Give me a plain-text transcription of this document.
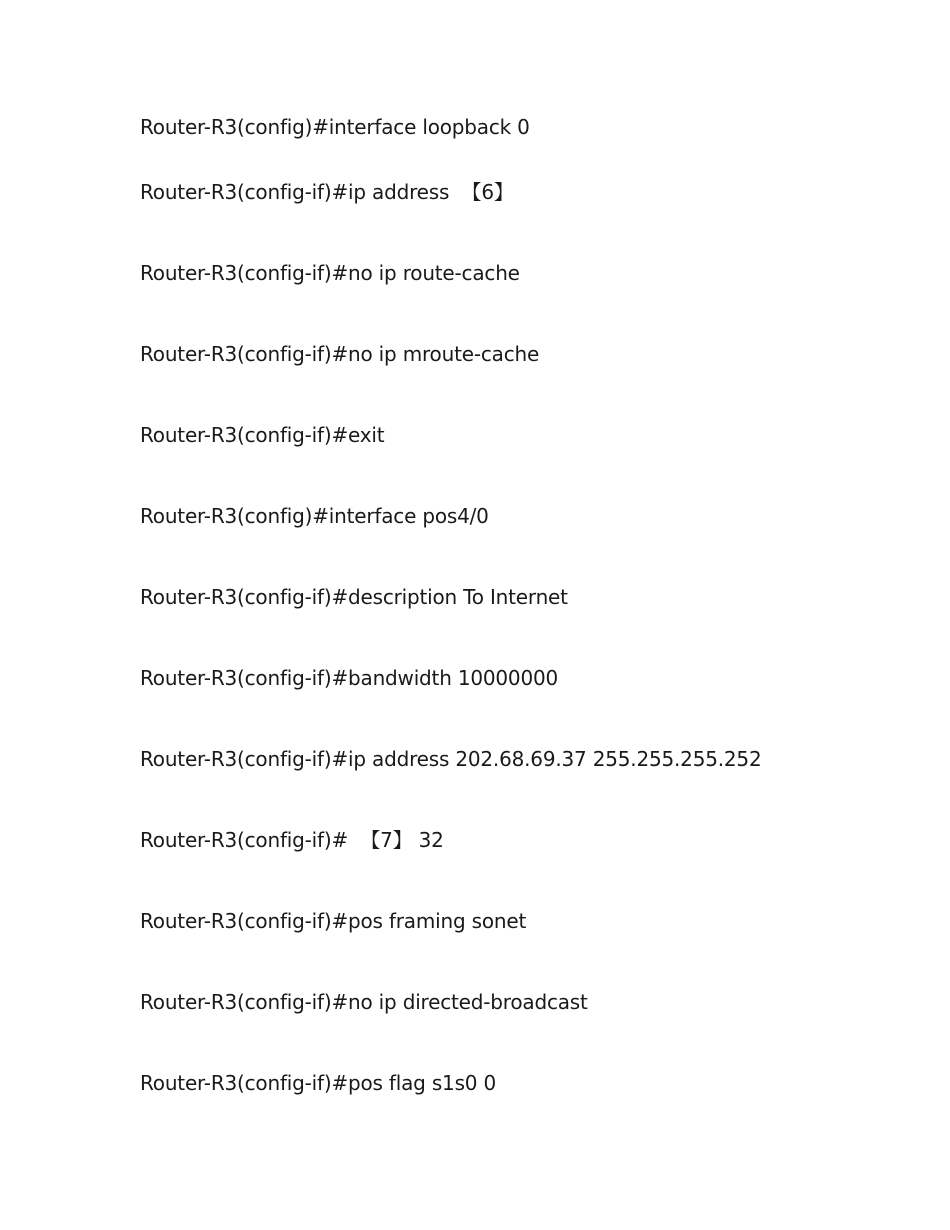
Router-R3(config)#interface loopback 0

Router-R3(config-if)#ip address  【6】

Router-R3(config-if)#no ip route-cache

Router-R3(config-if)#no ip mroute-cache

Router-R3(config-if)#exit

Router-R3(config)#interface pos4/0

Router-R3(config-if)#description To Internet

Router-R3(config-if)#bandwidth 10000000

Router-R3(config-if)#ip address 202.68.69.37 255.255.255.252

Router-R3(config-if)#  【7】 32

Router-R3(config-if)#pos framing sonet

Router-R3(config-if)#no ip directed-broadcast

Router-R3(config-if)#pos flag s1s0 0
